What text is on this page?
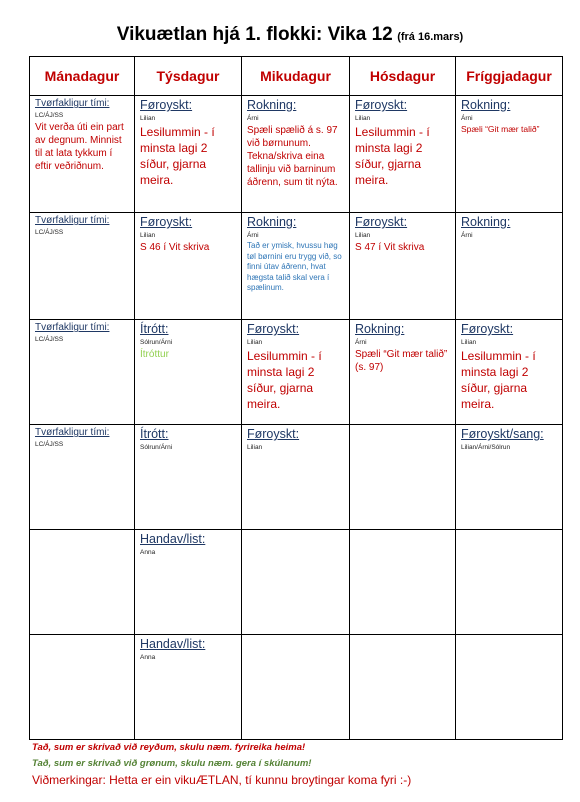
Vikuætlan hjá 1. flokki: Vika 12 (frá 16.mars)
Mánadagur	Týsdagur	Mikudagur	Hósdagur	Fríggjadagur

Tvørfakligur tími:
LC/ÁJ/SS
Vit verða úti ein part av degnum. Minnist til at lata tykkum í eftir veðriðnum.	Føroyskt:
Lilian
Lesilummin - í minsta lagi 2 síður, gjarna meira.	Rokning:
Árni
Spæli spælið á s. 97 við børnunum. Tekna/skriva eina tallinju við barninum áðrenn, sum tit nýta.	Føroyskt:
Lilian
Lesilummin - í minsta lagi 2 síður, gjarna meira.	Rokning:
Árni
Spæli “Git mær talið”

Tvørfakligur tími:
LC/ÁJ/SS	Føroyskt:
Lilian
S 46 í Vit skriva	Rokning:
Árni
Tað er ymisk, hvussu høg tøl børnini eru trygg við, so finni útav áðrenn, hvat hægsta talið skal vera í spælinum.	Føroyskt:
Lilian
S 47 í Vit skriva	Rokning:
Árni

Tvørfakligur tími:
LC/ÁJ/SS	Ítrótt:
Sólrun/Árni
Ítróttur	Føroyskt:
Lilian
Lesilummin - í minsta lagi 2 síður, gjarna meira.	Rokning:
Árni
Spæli “Git mær talið” (s. 97)	Føroyskt:
Lilian
Lesilummin - í minsta lagi 2 síður, gjarna meira.

Tvørfakligur tími:
LC/ÁJ/SS	Ítrótt:
Sólrun/Árni	Føroyskt:
Lilian		Føroyskt/sang:
Lilian/Árni/Sólrun

	Handav/list:
Anna			

	Handav/list:
Anna			

Tað, sum er skrivað við reyðum, skulu næm. fyrireika heima!
Tað, sum er skrivað við grønum, skulu næm. gera í skúlanum!
Viðmerkingar: Hetta er ein vikuÆTLAN, tí kunnu broytingar koma fyri :-)
